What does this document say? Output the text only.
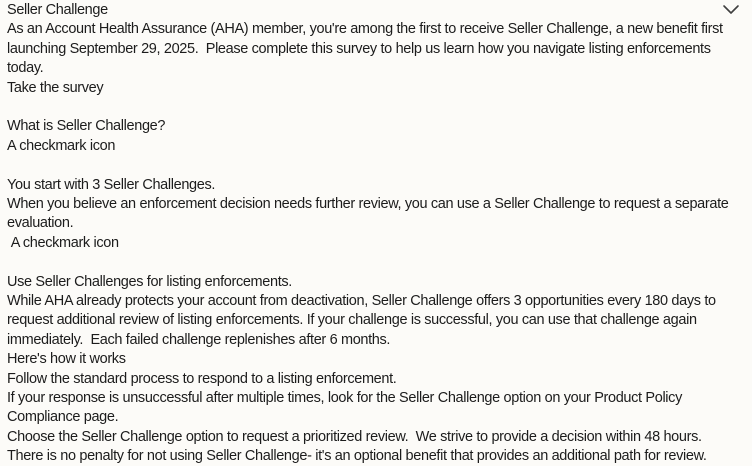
Seller Challenge
As an Account Health Assurance (AHA) member, you're among the first to receive Seller Challenge, a new benefit first launching September 29, 2025.  Please complete this survey to help us learn how you navigate listing enforcements today.
Take the survey
What is Seller Challenge?
A checkmark icon
You start with 3 Seller Challenges.
When you believe an enforcement decision needs further review, you can use a Seller Challenge to request a separate evaluation.
A checkmark icon
Use Seller Challenges for listing enforcements.
While AHA already protects your account from deactivation, Seller Challenge offers 3 opportunities every 180 days to request additional review of listing enforcements. If your challenge is successful, you can use that challenge again immediately.  Each failed challenge replenishes after 6 months.
Here's how it works
Follow the standard process to respond to a listing enforcement.
If your response is unsuccessful after multiple times, look for the Seller Challenge option on your Product Policy Compliance page.
Choose the Seller Challenge option to request a prioritized review.  We strive to provide a decision within 48 hours.
There is no penalty for not using Seller Challenge- it's an optional benefit that provides an additional path for review.
